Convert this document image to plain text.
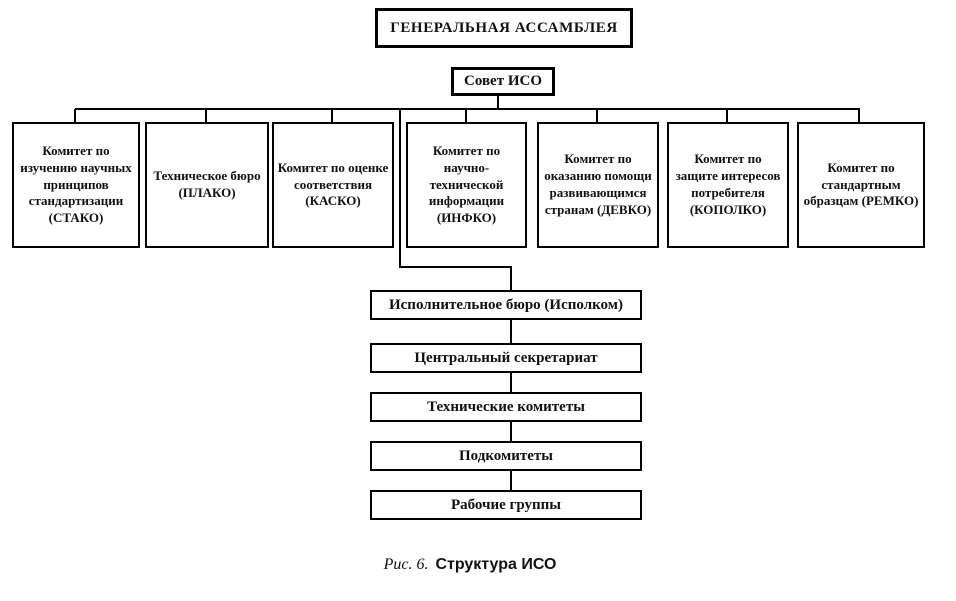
ГЕНЕРАЛЬНАЯ АССАМБЛЕЯ
Совет ИСО
Комитет по изучению научных принципов стандартизации (СТАКО)
Техническое бюро (ПЛАКО)
Комитет по оценке соответствия (КАСКО)
Комитет по научно-технической информации (ИНФКО)
Комитет по оказанию помощи развивающимся странам (ДЕВКО)
Комитет по защите интересов потребителя (КОПОЛКО)
Комитет по стандартным образцам (РЕМКО)
Исполнительное бюро (Исполком)
Центральный секретариат
Технические комитеты
Подкомитеты
Рабочие группы
Рис. 6. Структура ИСО
